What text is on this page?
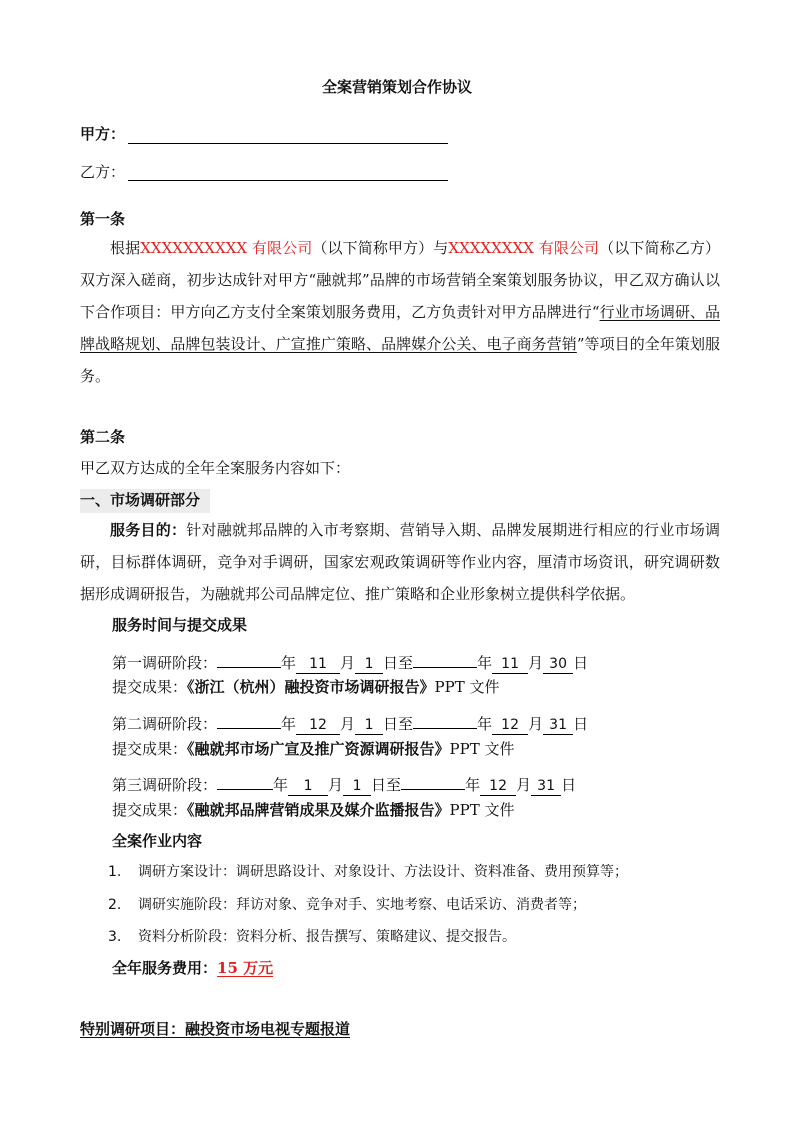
全案营销策划合作协议
甲方：
乙方：
第一条
根据XXXXXXXXXX 有限公司（以下简称甲方）与XXXXXXXX 有限公司（以下简称乙方）双方深入磋商，初步达成针对甲方“融就邦”品牌的市场营销全案策划服务协议，甲乙双方确认以下合作项目：甲方向乙方支付全案策划服务费用，乙方负责针对甲方品牌进行“行业市场调研、品牌战略规划、品牌包装设计、广宣推广策略、品牌媒介公关、电子商务营销”等项目的全年策划服务。
第二条
甲乙双方达成的全年全案服务内容如下：
一、市场调研部分
服务目的：针对融就邦品牌的入市考察期、营销导入期、品牌发展期进行相应的行业市场调研，目标群体调研，竞争对手调研，国家宏观政策调研等作业内容，厘清市场资讯，研究调研数据形成调研报告，为融就邦公司品牌定位、推广策略和企业形象树立提供科学依据。
服务时间与提交成果
第一调研阶段：	年 11 月 1 日至	年 11 月 30 日
提交成果：《浙江（杭州）融投资市场调研报告》PPT 文件
第二调研阶段：	年 12 月 1 日至	年 12 月 31 日
提交成果：《融就邦市场广宣及推广资源调研报告》PPT 文件
第三调研阶段：	年 1 月 1 日至	年 12 月 31 日
提交成果：《融就邦品牌营销成果及媒介监播报告》PPT 文件
全案作业内容
1. 调研方案设计：调研思路设计、对象设计、方法设计、资料准备、费用预算等；
2. 调研实施阶段：拜访对象、竞争对手、实地考察、电话采访、消费者等；
3. 资料分析阶段：资料分析、报告撰写、策略建议、提交报告。
全年服务费用：15 万元
特别调研项目：融投资市场电视专题报道
